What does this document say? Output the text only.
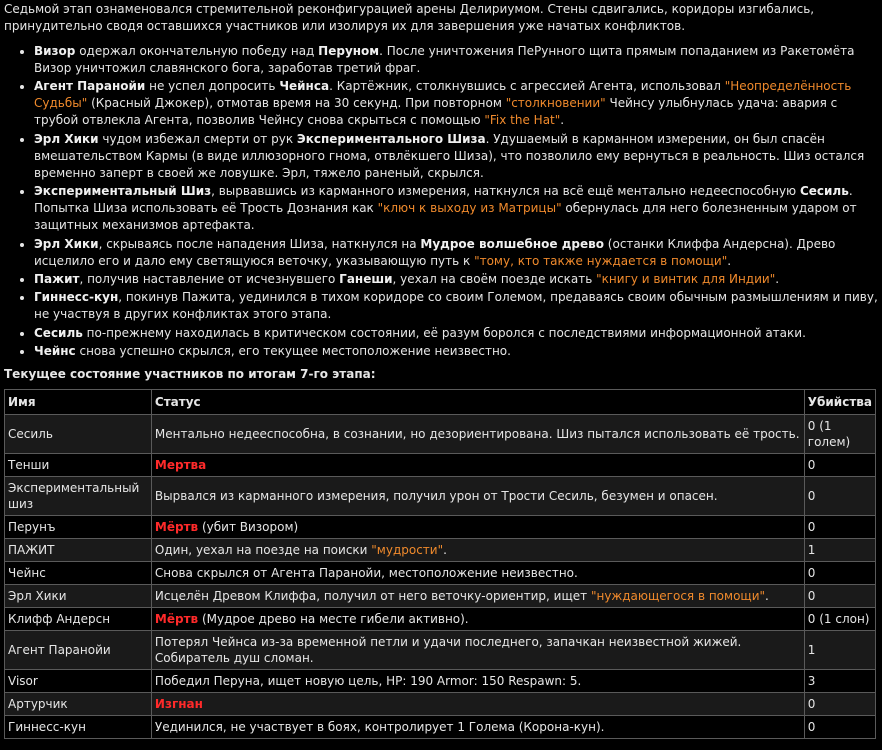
Седьмой этап ознаменовался стремительной реконфигурацией арены Делириумом. Стены сдвигались, коридоры изгибались, принудительно сводя оставшихся участников или изолируя их для завершения уже начатых конфликтов.

• Визор одержал окончательную победу над Перуном. После уничтожения ПеРунного щита прямым попаданием из Ракетомёта Визор уничтожил славянского бога, заработав третий фраг.
• Агент Паранойи не успел допросить Чейнса. Картёжник, столкнувшись с агрессией Агента, использовал "Неопределённость Судьбы" (Красный Джокер), отмотав время на 30 секунд. При повторном "столкновении" Чейнсу улыбнулась удача: авария с трубой отвлекла Агента, позволив Чейнсу снова скрыться с помощью "Fix the Hat".
• Эрл Хики чудом избежал смерти от рук Экспериментального Шиза. Удушаемый в карманном измерении, он был спасён вмешательством Кармы (в виде иллюзорного гнома, отвлёкшего Шиза), что позволило ему вернуться в реальность. Шиз остался временно заперт в своей же ловушке. Эрл, тяжело раненый, скрылся.
• Экспериментальный Шиз, вырвавшись из карманного измерения, наткнулся на всё ещё ментально недееспособную Сесиль. Попытка Шиза использовать её Трость Дознания как "ключ к выходу из Матрицы" обернулась для него болезненным ударом от защитных механизмов артефакта.
• Эрл Хики, скрываясь после нападения Шиза, наткнулся на Мудрое волшебное древо (останки Клиффа Андерсна). Древо исцелило его и дало ему светящуюся веточку, указывающую путь к "тому, кто также нуждается в помощи".
• Пажит, получив наставление от исчезнувшего Ганеши, уехал на своём поезде искать "книгу и винтик для Индии".
• Гиннесс-кун, покинув Пажита, уединился в тихом коридоре со своим Големом, предаваясь своим обычным размышлениям и пиву, не участвуя в других конфликтах этого этапа.
• Сесиль по-прежнему находилась в критическом состоянии, её разум боролся с последствиями информационной атаки.
• Чейнс снова успешно скрылся, его текущее местоположение неизвестно.
Текущее состояние участников по итогам 7-го этапа:
Имя	Статус	Убийства
Сесиль	Ментально недееспособна, в сознании, но дезориентирована. Шиз пытался использовать её трость.	0 (1 голем)
Тенши	Мертва	0
Экспериментальный шиз	Вырвался из карманного измерения, получил урон от Трости Сесиль, безумен и опасен.	0
Перунъ	Мёртв (убит Визором)	0
ПАЖИТ	Один, уехал на поезде на поиски "мудрости".	1
Чейнс	Снова скрылся от Агента Паранойи, местоположение неизвестно.	0
Эрл Хики	Исцелён Древом Клиффа, получил от него веточку-ориентир, ищет "нуждающегося в помощи".	0
Клифф Андерсн	Мёртв (Мудрое древо на месте гибели активно).	0 (1 слон)
Агент Паранойи	Потерял Чейнса из-за временной петли и удачи последнего, запачкан неизвестной жижей. Собиратель душ сломан.	1
Visor	Победил Перуна, ищет новую цель, HP: 190 Armor: 150 Respawn: 5.	3
Артурчик	Изгнан	0
Гиннесс-кун	Уединился, не участвует в боях, контролирует 1 Голема (Корона-кун).	0
